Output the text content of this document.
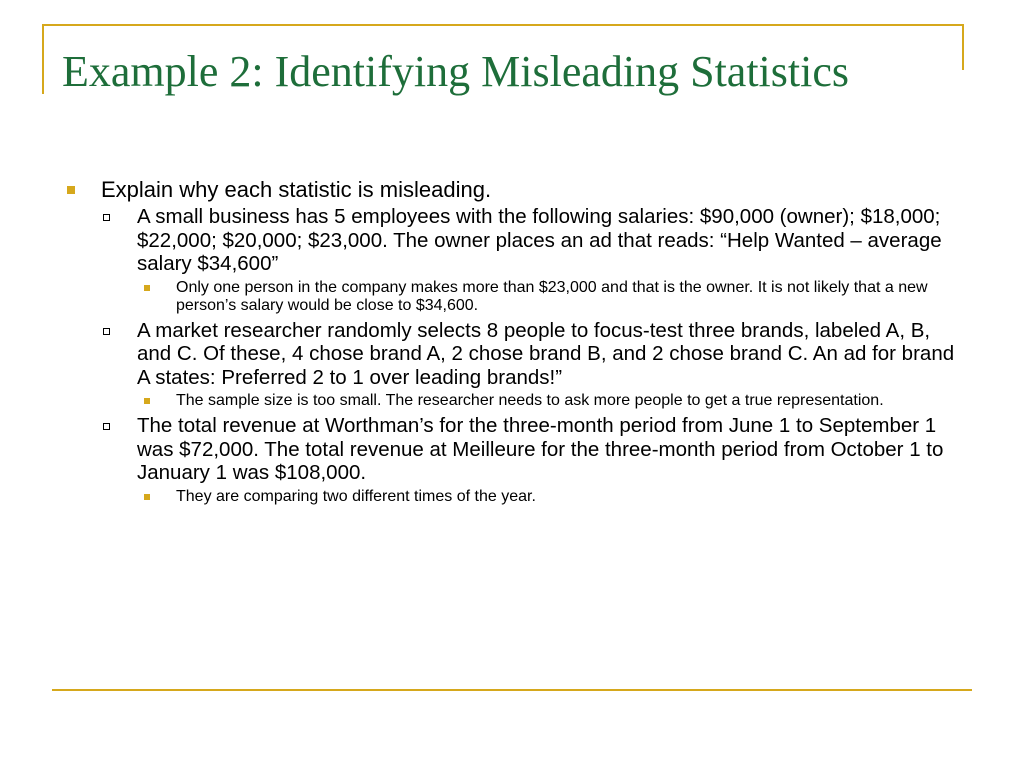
Example 2: Identifying Misleading Statistics
Explain why each statistic is misleading.
A small business has 5 employees with the following salaries: $90,000 (owner); $18,000; $22,000; $20,000; $23,000. The owner places an ad that reads: “Help Wanted – average salary $34,600”
Only one person in the company makes more than $23,000 and that is the owner. It is not likely that a new person’s salary would be close to $34,600.
A market researcher randomly selects 8 people to focus-test three brands, labeled A, B, and C. Of these, 4 chose brand A, 2 chose brand B, and 2 chose brand C. An ad for brand A states: Preferred 2 to 1 over leading brands!”
The sample size is too small. The researcher needs to ask more people to get a true representation.
The total revenue at Worthman’s for the three-month period from June 1 to September 1 was $72,000. The total revenue at Meilleure for the three-month period from October 1 to January 1 was $108,000.
They are comparing two different times of the year.
